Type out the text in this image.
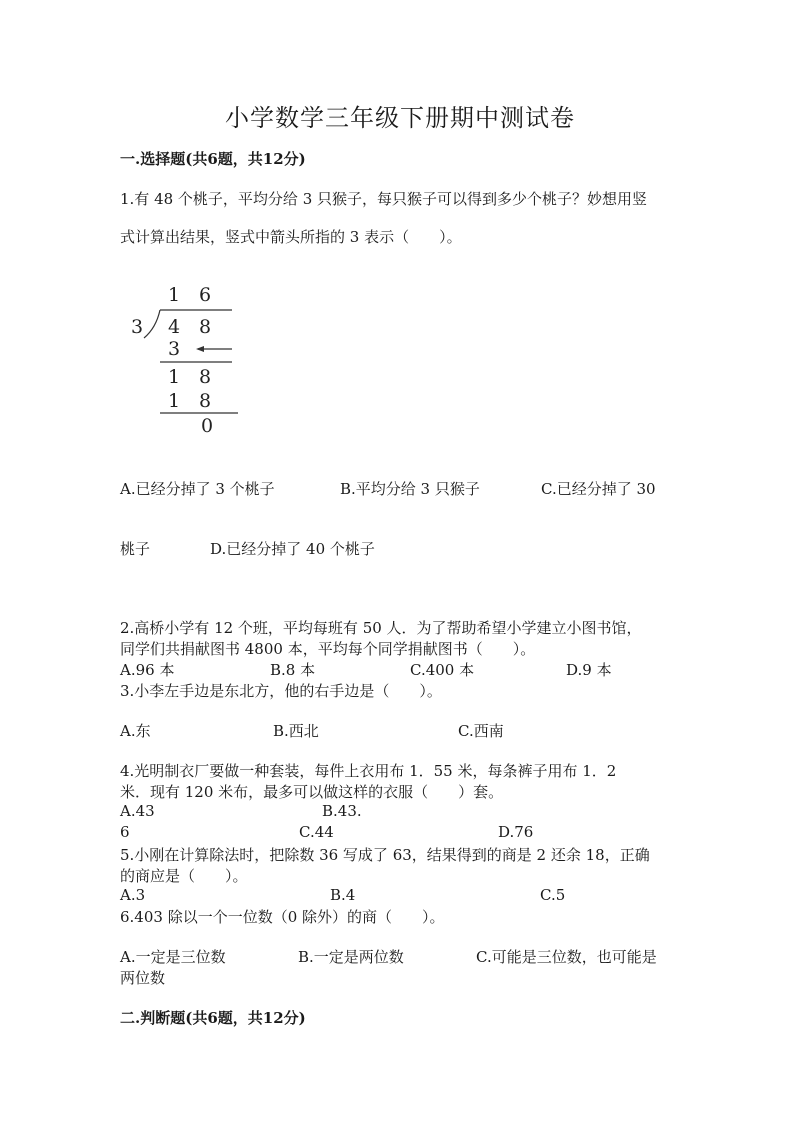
小学数学三年级下册期中测试卷
一.选择题(共6题，共12分)
1.有 48 个桃子，平均分给 3 只猴子，每只猴子可以得到多少个桃子？妙想用竖
式计算出结果，竖式中箭头所指的 3 表示（　　）。
1 6
3 4 8
3
1 8
1 8
0
A.已经分掉了 3 个桃子	B.平均分给 3 只猴子	C.已经分掉了 30
桃子	D.已经分掉了 40 个桃子
2.高桥小学有 12 个班，平均每班有 50 人．为了帮助希望小学建立小图书馆，
同学们共捐献图书 4800 本，平均每个同学捐献图书（　　）。
A.96 本	B.8 本	C.400 本	D.9 本
3.小李左手边是东北方，他的右手边是（　　）。
A.东	B.西北	C.西南
4.光明制衣厂要做一种套装，每件上衣用布 1．55 米，每条裤子用布 1．2
米．现有 120 米布，最多可以做这样的衣服（　　）套。
A.43	B.43.
6	C.44	D.76
5.小刚在计算除法时，把除数 36 写成了 63，结果得到的商是 2 还余 18，正确
的商应是（　　）。
A.3	B.4	C.5
6.403 除以一个一位数（0 除外）的商（　　）。
A.一定是三位数	B.一定是两位数	C.可能是三位数，也可能是
两位数
二.判断题(共6题，共12分)
